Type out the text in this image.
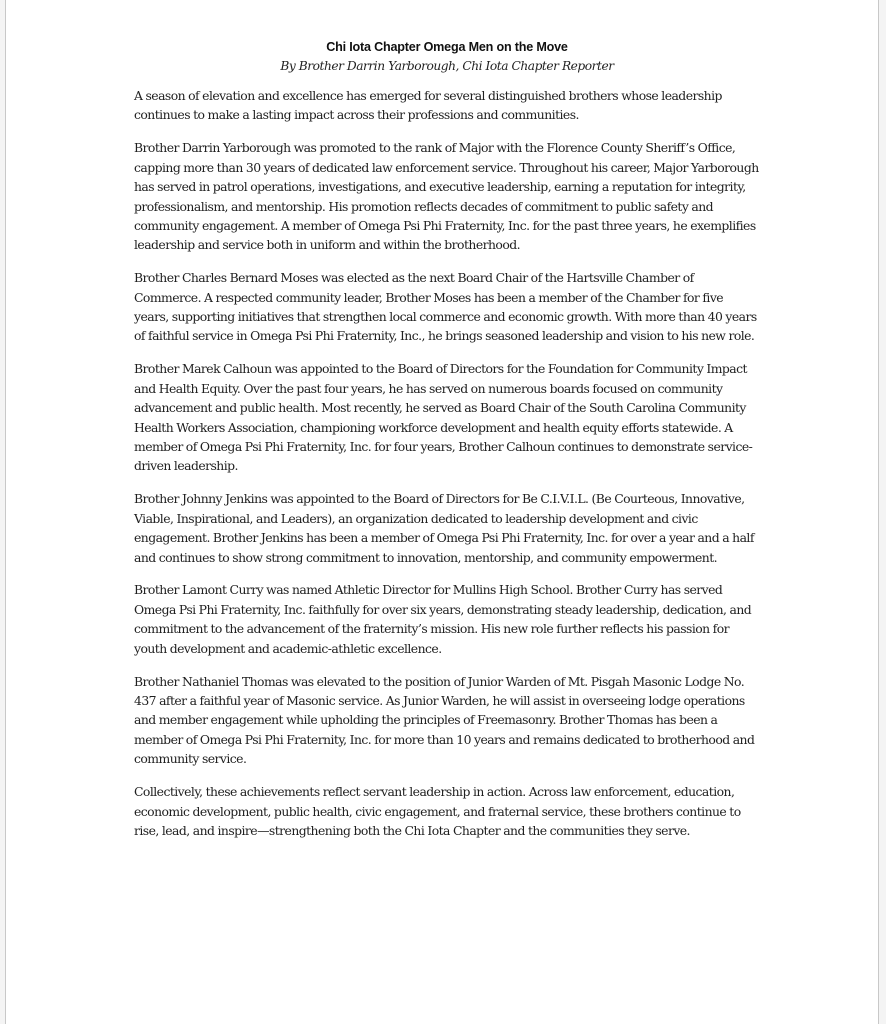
Chi Iota Chapter Omega Men on the Move

By Brother Darrin Yarborough, Chi Iota Chapter Reporter

A season of elevation and excellence has emerged for several distinguished brothers whose leadership continues to make a lasting impact across their professions and communities.

Brother Darrin Yarborough was promoted to the rank of Major with the Florence County Sheriff’s Office, capping more than 30 years of dedicated law enforcement service. Throughout his career, Major Yarborough has served in patrol operations, investigations, and executive leadership, earning a reputation for integrity, professionalism, and mentorship. His promotion reflects decades of commitment to public safety and community engagement. A member of Omega Psi Phi Fraternity, Inc. for the past three years, he exemplifies leadership and service both in uniform and within the brotherhood.

Brother Charles Bernard Moses was elected as the next Board Chair of the Hartsville Chamber of Commerce. A respected community leader, Brother Moses has been a member of the Chamber for five years, supporting initiatives that strengthen local commerce and economic growth. With more than 40 years of faithful service in Omega Psi Phi Fraternity, Inc., he brings seasoned leadership and vision to his new role.

Brother Marek Calhoun was appointed to the Board of Directors for the Foundation for Community Impact and Health Equity. Over the past four years, he has served on numerous boards focused on community advancement and public health. Most recently, he served as Board Chair of the South Carolina Community Health Workers Association, championing workforce development and health equity efforts statewide. A member of Omega Psi Phi Fraternity, Inc. for four years, Brother Calhoun continues to demonstrate service-driven leadership.

Brother Johnny Jenkins was appointed to the Board of Directors for Be C.I.V.I.L. (Be Courteous, Innovative, Viable, Inspirational, and Leaders), an organization dedicated to leadership development and civic engagement. Brother Jenkins has been a member of Omega Psi Phi Fraternity, Inc. for over a year and a half and continues to show strong commitment to innovation, mentorship, and community empowerment.

Brother Lamont Curry was named Athletic Director for Mullins High School. Brother Curry has served Omega Psi Phi Fraternity, Inc. faithfully for over six years, demonstrating steady leadership, dedication, and commitment to the advancement of the fraternity’s mission. His new role further reflects his passion for youth development and academic-athletic excellence.

Brother Nathaniel Thomas was elevated to the position of Junior Warden of Mt. Pisgah Masonic Lodge No. 437 after a faithful year of Masonic service. As Junior Warden, he will assist in overseeing lodge operations and member engagement while upholding the principles of Freemasonry. Brother Thomas has been a member of Omega Psi Phi Fraternity, Inc. for more than 10 years and remains dedicated to brotherhood and community service.

Collectively, these achievements reflect servant leadership in action. Across law enforcement, education, economic development, public health, civic engagement, and fraternal service, these brothers continue to rise, lead, and inspire—strengthening both the Chi Iota Chapter and the communities they serve.
